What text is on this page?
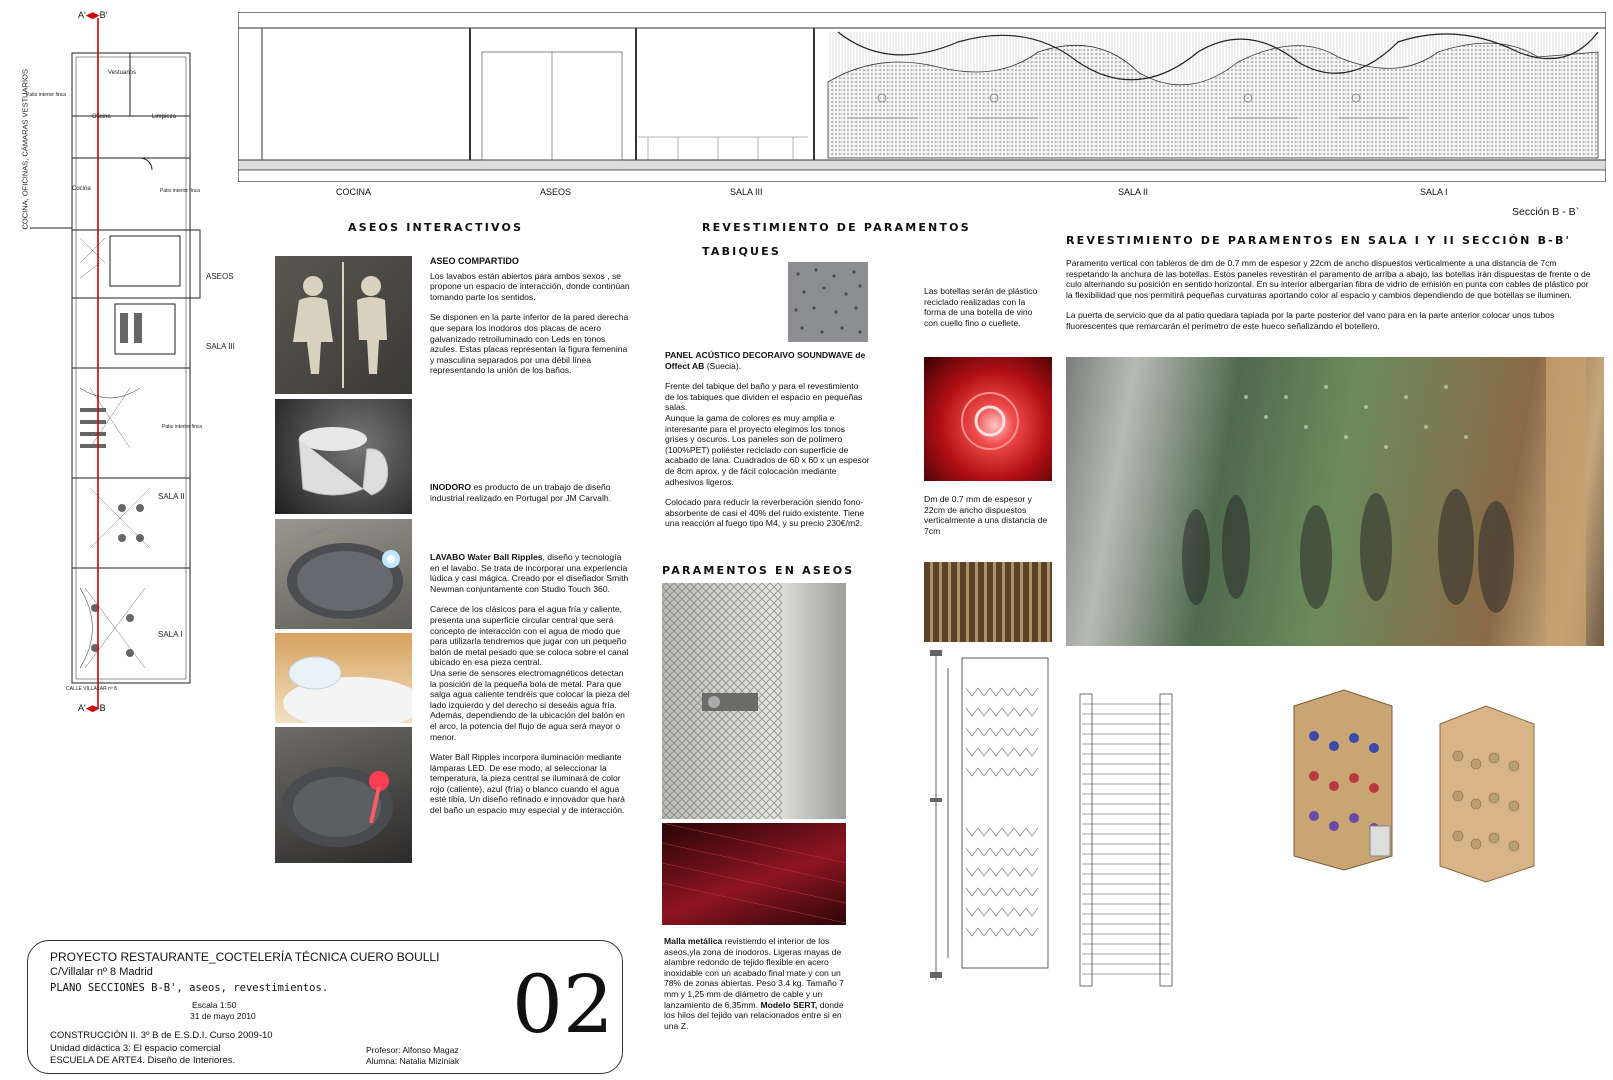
A'◀▶B'
A'◀▶B
COCINA, OFICINAS, CÁMARAS VESTUARIOS	Vestuarios
Patio interior finca
Oficina	Limpieza
Cocina	Patio interior finca
Patio interior finca
CALLE VILLALAR nº 8
ASEOS
SALA III
SALA II
SALA I
COCINA	ASEOS	SALA III	SALA II	SALA I
Sección B - B`
ASEOS INTERACTIVOS

ASEO COMPARTIDO

Los lavabos están abiertos para ambos sexos , se propone un espacio de interacción, donde continúan tomando parte los sentidos.

Se disponen en la parte inferior de la pared derecha que separa los inodoros dos placas de acero galvanizado retroiluminado con Leds en tonos azules. Estas placas representan la figura femenina y masculina separados por una débil línea representando la unión de los baños.

INODORO es producto de un trabajo de diseño industrial realizado en Portugal por JM Carvalh.

LAVABO Water Ball Ripples, diseño y tecnología en el lavabo. Se trata de incorporar una experiencia lúdica y casi mágica. Creado por el diseñador Smith Newman conjuntamente con Studio Touch 360.

Carece de los clásicos para el agua fría y caliente, presenta una superficie circular central que será concepto de interacción con el agua de modo que para utilizarla tendremos que jugar con un pequeño balón de metal pesado que se coloca sobre el canal ubicado en esa pieza central.

Una serie de sensores electromagnéticos detectan la posición de la pequeña bola de metal. Para que salga agua caliente tendréis que colocar la pieza del lado izquierdo y del derecho si deseáis agua fría. Además, dependiendo de la ubicación del balón en el arco, la potencia del flujo de agua será mayor o menor.

Water Ball Ripples incorpora iluminación mediante lámparas LED. De ese modo, al seleccionar la temperatura, la pieza central se iluminará de color rojo (caliente), azul (fría) o blanco cuando el agua esté tibia. Un diseño refinado e innovador que hará del baño un espacio muy especial y de interacción.

REVESTIMIENTO DE PARAMENTOS
TABIQUES

PANEL ACÚSTICO DECORAIVO SOUNDWAVE de Offect AB (Suecia).

Frente del tabique del baño y para el revestimiento de los tabiques que dividen el espacio en pequeñas salas.

Aunque la gama de colores es muy amplia e interesante para el proyecto elegimos los tonos grises y oscuros. Los paneles son de polímero (100%PET) poliéster reciclado con superficie de acabado de lana. Cuadrados de 60 x 60 x un espesor de 8cm aprox. y de fácil colocación mediante adhesivos ligeros.

Colocado para reducir la reverberación siendo fono-absorbente de casi el 40% del ruido existente. Tiene una reacción al fuego tipo M4, y su precio 230€/m2.

PARAMENTOS EN ASEOS

Malla metálica revistiendo el interior de los aseos,yla zona de inodoros. Ligeras mayas de alambre redondo de tejido flexible en acero inoxidable con un acabado final mate y con un 78% de zonas abiertas. Peso 3.4 kg. Tamaño 7 mm y 1,25 mm de diámetro de cable y un lanzamiento de 6,35mm. Modelo SERT, donde los hilos del tejido van relacionados entre si en una Z.

Las botellas serán de plástico reciclado realizadas con la forma de una botella de vino con cuello fino o cuellete.
Dm de 0.7 mm de espesor y 22cm de ancho dispuestos verticalmente a una distancia de 7cm
REVESTIMIENTO DE PARAMENTOS EN SALA I Y II SECCIÓN B-B'

Paramento vertical con tableros de dm de 0.7 mm de espesor y 22cm de ancho dispuestos verticalmente a una distancia de 7cm respetando la anchura de las botellas. Estos paneles revestirán el paramento de arriba a abajo, las botellas irán dispuestas de frente o de culo alternando su posición en sentido horizontal. En su interior albergarían fibra de vidrio de emisión en punta con cables de plástico por la flexibilidad que nos permitirá pequeñas curvaturas aportando color al espacio y cambios dependiendo de que botellas se iluminen.

La puerta de servicio que da al patio quedara tapiada por la parte posterior del vano para en la parte anterior colocar unos tubos fluorescentes que remarcarán el perímetro de este hueco señalizando el botellero.

PROYECTO RESTAURANTE_COCTELERÍA TÉCNICA CUERO BOULLI
C/Villalar nº 8 Madrid
PLANO SECCIONES B-B', aseos, revestimientos.
Escala 1:50
31 de mayo 2010
CONSTRUCCIÓN II. 3º B de E.S.D.I. Curso 2009-10
Unidad didáctica 3: El espacio comercial
ESCUELA DE ARTE4. Diseño de Interiores.
Profesor: Alfonso Magaz
Alumna: Natalia Miziniak
02
